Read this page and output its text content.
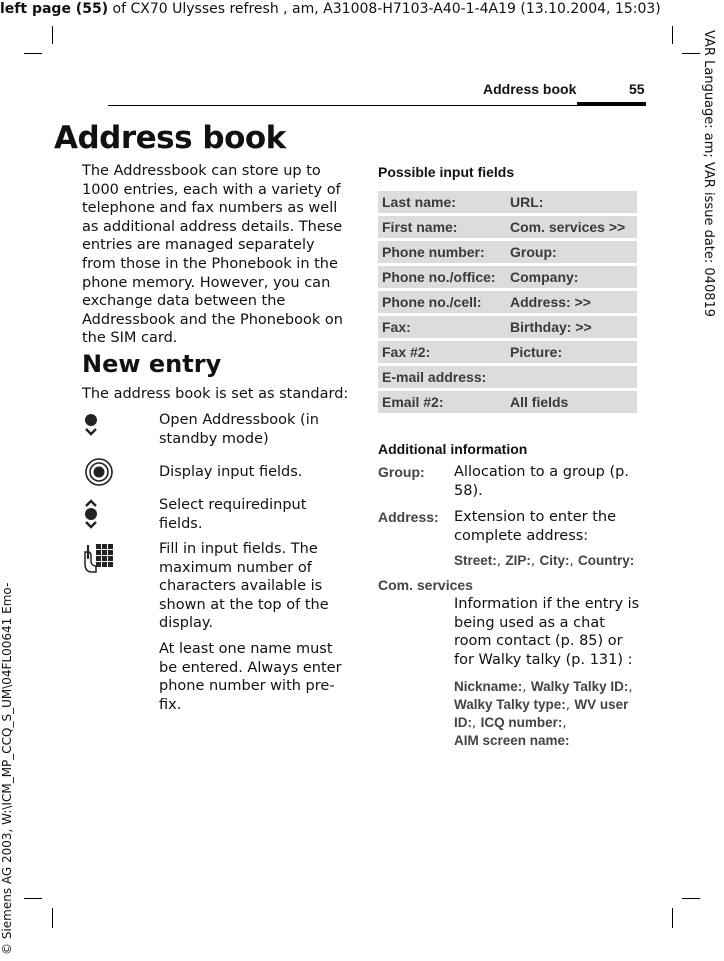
left page (55) of CX70 Ulysses refresh , am, A31008-H7103-A40-1-4A19 (13.10.2004, 15:03)
VAR Language: am; VAR issue date: 040819
© Siemens AG 2003, W:\ICM_MP_CCQ_S_UM\04FL00641 Emo-
Address book	55
Address book

The Addressbook can store up to 1000 entries, each with a variety of telephone and fax numbers as well as additional address details. These entries are managed separately from those in the Phonebook in the phone memory. However, you can exchange data between the Addressbook and the Phonebook on the SIM card.

New entry
The address book is set as standard:

Open Addressbook (in standby mode)

Display input fields.

Select requiredinput fields.

Fill in input fields. The maximum number of characters available is shown at the top of the display.

At least one name must be entered. Always enter phone number with pre-fix.

Possible input fields
Last name:	URL:
First name:	Com. services >>
Phone number:	Group:
Phone no./office:	Company:
Phone no./cell:	Address: >>
Fax:	Birthday: >>
Fax #2:	Picture:
E-mail address:
Email #2:	All fields
Additional information
Group: Allocation to a group (p. 58).

Address: Extension to enter the complete address:

Street:, ZIP:, City:, Country:

Com. services

Information if the entry is being used as a chat room contact (p. 85) or for Walky talky (p. 131) :

Nickname:, Walky Talky ID:, Walky Talky type:, WV user ID:, ICQ number:,
AIM screen name:
